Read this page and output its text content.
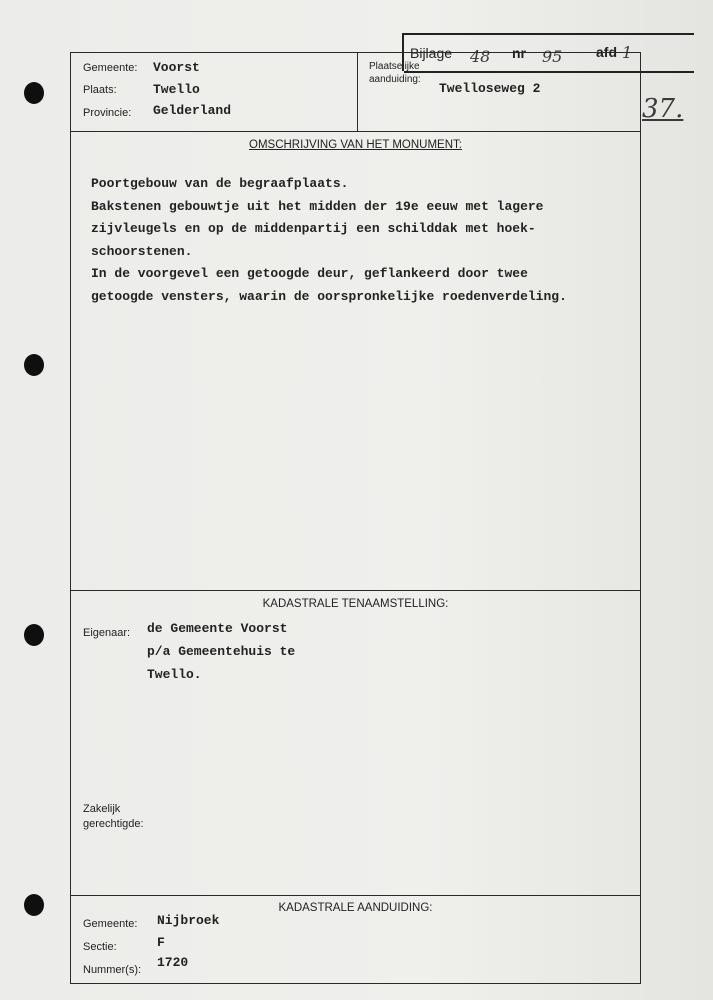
Bijlage 48 nr 95 afd 1
37.
Gemeente: Voorst
Plaats:	Twello
Provincie: Gelderland
Plaatselijke
aanduiding:
Twelloseweg 2
OMSCHRIJVING VAN HET MONUMENT:
Poortgebouw van de begraafplaats.
Bakstenen gebouwtje uit het midden der 19e eeuw met lagere
zijvleugels en op de middenpartij een schilddak met hoek-
schoorstenen.
In de voorgevel een getoogde deur, geflankeerd door twee
getoogde vensters, waarin de oorspronkelijke roedenverdeling.
KADASTRALE TENAAMSTELLING:
Eigenaar: de Gemeente Voorst
p/a Gemeentehuis te
Twello.
Zakelijk
gerechtigde:
KADASTRALE AANDUIDING:
Gemeente: Nijbroek
Sectie:	F
Nummer(s): 1720
